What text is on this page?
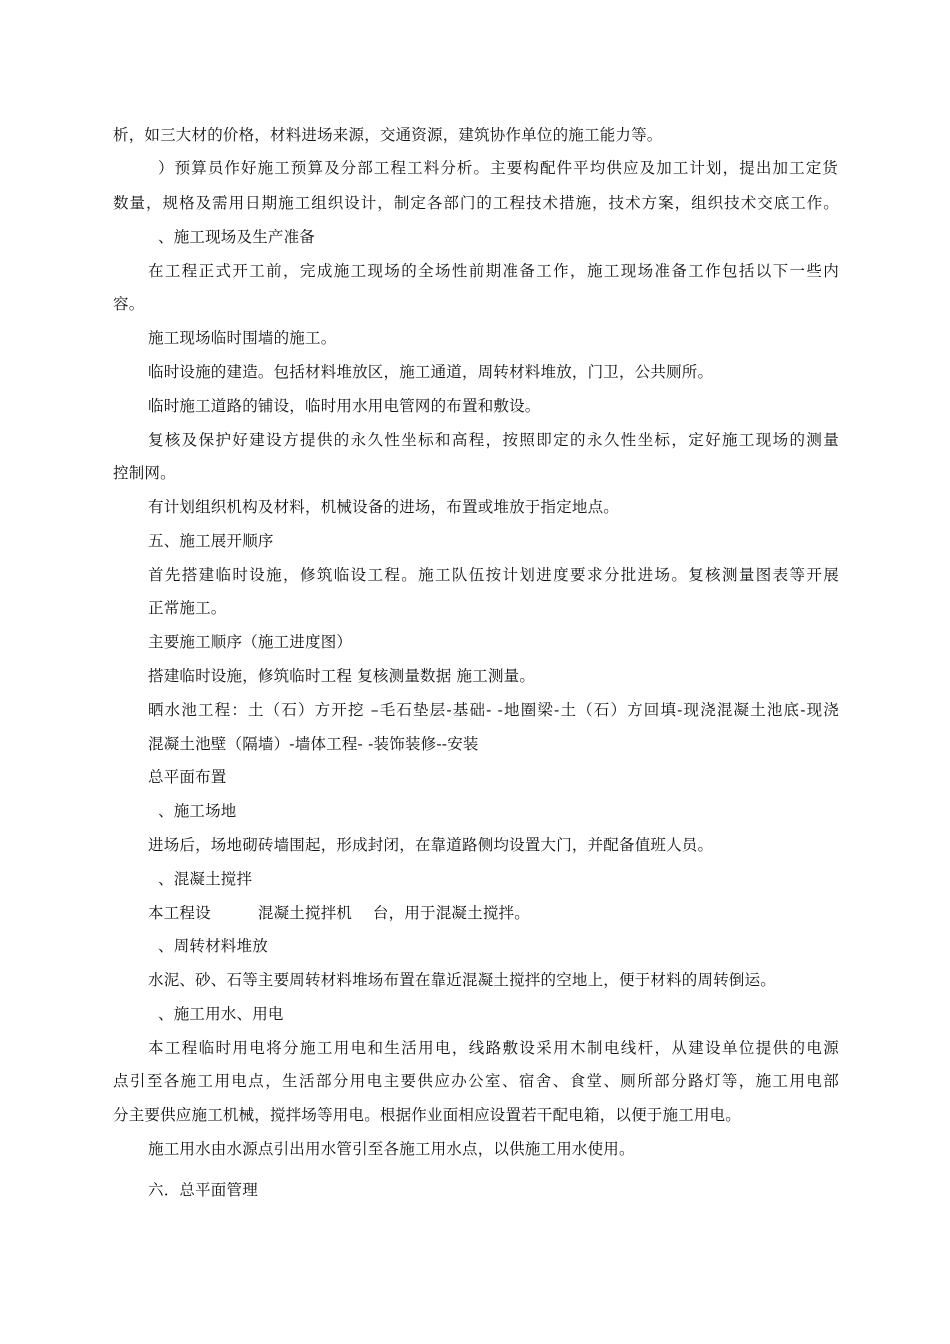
析，如三大材的价格，材料进场来源，交通资源，建筑协作单位的施工能力等。
）预算员作好施工预算及分部工程工料分析。主要构配件平均供应及加工计划，提出加工定货
数量，规格及需用日期施工组织设计，制定各部门的工程技术措施，技术方案，组织技术交底工作。
、施工现场及生产准备
在工程正式开工前，完成施工现场的全场性前期准备工作，施工现场准备工作包括以下一些内
容。
施工现场临时围墙的施工。
临时设施的建造。包括材料堆放区，施工通道，周转材料堆放，门卫，公共厕所。
临时施工道路的铺设，临时用水用电管网的布置和敷设。
复核及保护好建设方提供的永久性坐标和高程，按照即定的永久性坐标，定好施工现场的测量
控制网。
有计划组织机构及材料，机械设备的进场，布置或堆放于指定地点。
五、施工展开顺序
首先搭建临时设施，修筑临设工程。施工队伍按计划进度要求分批进场。复核测量图表等开展
正常施工。
主要施工顺序（施工进度图）
搭建临时设施，修筑临时工程 复核测量数据 施工测量。
晒水池工程：土（石）方开挖 –毛石垫层-基础- -地圈梁-土（石）方回填-现浇混凝土池底-现浇
混凝土池壁（隔墙）-墙体工程- -装饰装修--安装
总平面布置
、施工场地
进场后，场地砌砖墙围起，形成封闭，在靠道路侧均设置大门，并配备值班人员。
、混凝土搅拌
本工程设　　　混凝土搅拌机　 台，用于混凝土搅拌。
、周转材料堆放
水泥、砂、石等主要周转材料堆场布置在靠近混凝土搅拌的空地上，便于材料的周转倒运。
、施工用水、用电
本工程临时用电将分施工用电和生活用电，线路敷设采用木制电线杆，从建设单位提供的电源
点引至各施工用电点，生活部分用电主要供应办公室、宿舍、食堂、厕所部分路灯等，施工用电部
分主要供应施工机械，搅拌场等用电。根据作业面相应设置若干配电箱，以便于施工用电。
施工用水由水源点引出用水管引至各施工用水点，以供施工用水使用。
六．总平面管理
